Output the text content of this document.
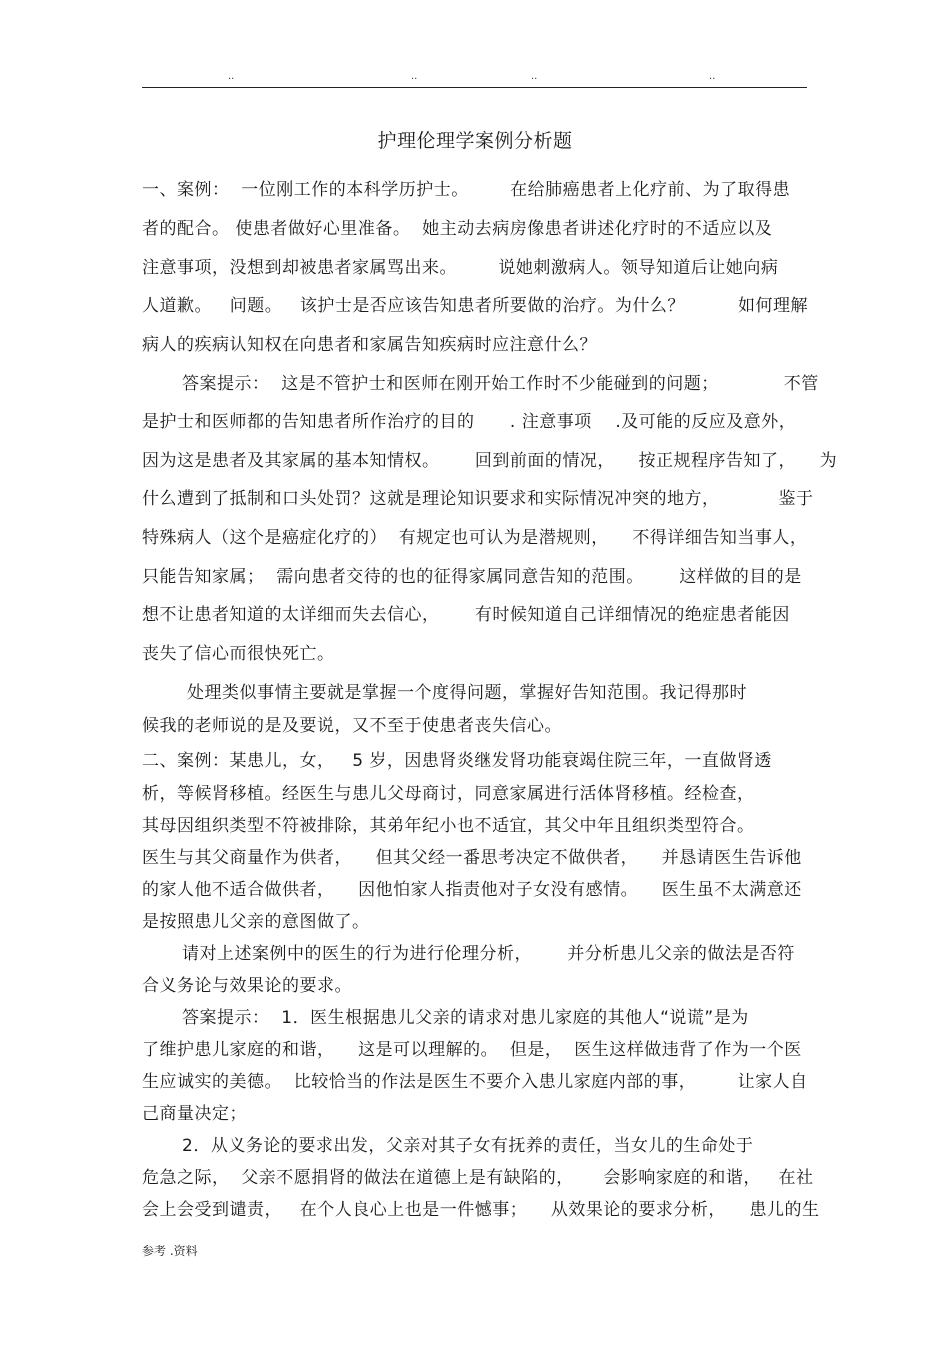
..	..	..	..
护理伦理学案例分析题
一、案例：  一位刚工作的本科学历护士。       在给肺癌患者上化疗前、为了取得患
者的配合。 使患者做好心里准备。  她主动去病房像患者讲述化疗时的不适应以及
注意事项，没想到却被患者家属骂出来。       说她刺激病人。领导知道后让她向病
人道歉。   问题。   该护士是否应该告知患者所要做的治疗。为什么？         如何理解
病人的疾病认知权在向患者和家属告知疾病时应注意什么？
答案提示：  这是不管护士和医师在刚开始工作时不少能碰到的问题；           不管
是护士和医师都的告知患者所作治疗的目的      . 注意事项    .及可能的反应及意外，
因为这是患者及其家属的基本知情权。      回到前面的情况，    按正规程序告知了，    为
什么遭到了抵制和口头处罚？这就是理论知识要求和实际情况冲突的地方，          鉴于
特殊病人（这个是癌症化疗的）  有规定也可认为是潜规则，    不得详细告知当事人，
只能告知家属；  需向患者交待的也的征得家属同意告知的范围。      这样做的目的是
想不让患者知道的太详细而失去信心，      有时候知道自己详细情况的绝症患者能因
丧失了信心而很快死亡。
处理类似事情主要就是掌握一个度得问题，掌握好告知范围。我记得那时
候我的老师说的是及要说，又不至于使患者丧失信心。
二、案例：某患儿，女，   5 岁，因患肾炎继发肾功能衰竭住院三年，一直做肾透
析，等候肾移植。经医生与患儿父母商讨，同意家属进行活体肾移植。经检查，
其母因组织类型不符被排除，其弟年纪小也不适宜，其父中年且组织类型符合。
医生与其父商量作为供者，    但其父经一番思考决定不做供者，    并恳请医生告诉他
的家人他不适合做供者，    因他怕家人指责他对子女没有感情。    医生虽不太满意还
是按照患儿父亲的意图做了。
请对上述案例中的医生的行为进行伦理分析，      并分析患儿父亲的做法是否符
合义务论与效果论的要求。
答案提示：  1．医生根据患儿父亲的请求对患儿家庭的其他人“说谎”是为
了维护患儿家庭的和谐，    这是可以理解的。  但是，  医生这样做违背了作为一个医
生应诚实的美德。  比较恰当的作法是医生不要介入患儿家庭内部的事，       让家人自
己商量决定；
2．从义务论的要求出发，父亲对其子女有抚养的责任，当女儿的生命处于
危急之际，  父亲不愿捐肾的做法在道德上是有缺陷的，     会影响家庭的和谐，   在社
会上会受到谴责，   在个人良心上也是一件憾事；    从效果论的要求分析，    患儿的生
参考 .资料
